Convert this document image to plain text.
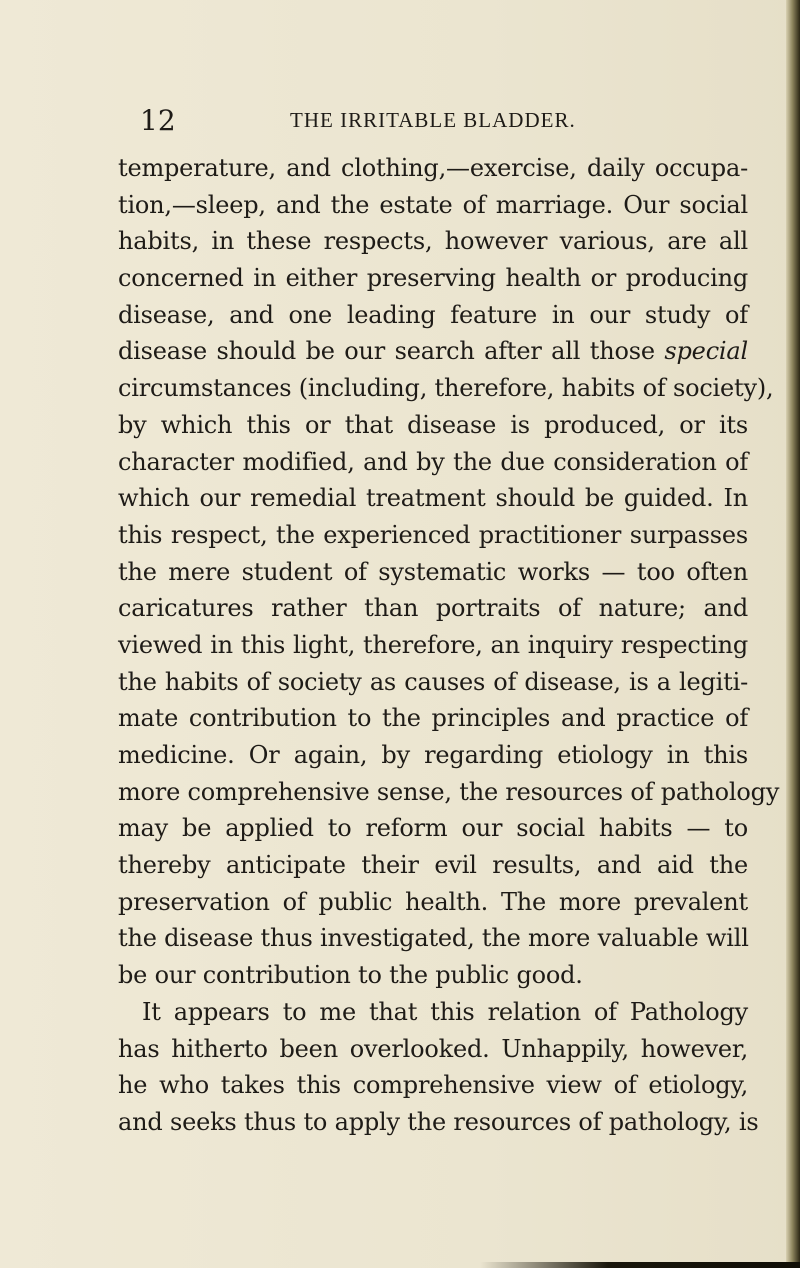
12	THE IRRITABLE BLADDER.
temperature, and clothing,—exercise, daily occupa-
tion,—sleep, and the estate of marriage. Our social
habits, in these respects, however various, are all
concerned in either preserving health or producing
disease, and one leading feature in our study of
disease should be our search after all those special
circumstances (including, therefore, habits of society),
by which this or that disease is produced, or its
character modified, and by the due consideration of
which our remedial treatment should be guided. In
this respect, the experienced practitioner surpasses
the mere student of systematic works — too often
caricatures rather than portraits of nature; and
viewed in this light, therefore, an inquiry respecting
the habits of society as causes of disease, is a legiti-
mate contribution to the principles and practice of
medicine. Or again, by regarding etiology in this
more comprehensive sense, the resources of pathology
may be applied to reform our social habits — to
thereby anticipate their evil results, and aid the
preservation of public health. The more prevalent
the disease thus investigated, the more valuable will
be our contribution to the public good.
It appears to me that this relation of Pathology
has hitherto been overlooked. Unhappily, however,
he who takes this comprehensive view of etiology,
and seeks thus to apply the resources of pathology, is
